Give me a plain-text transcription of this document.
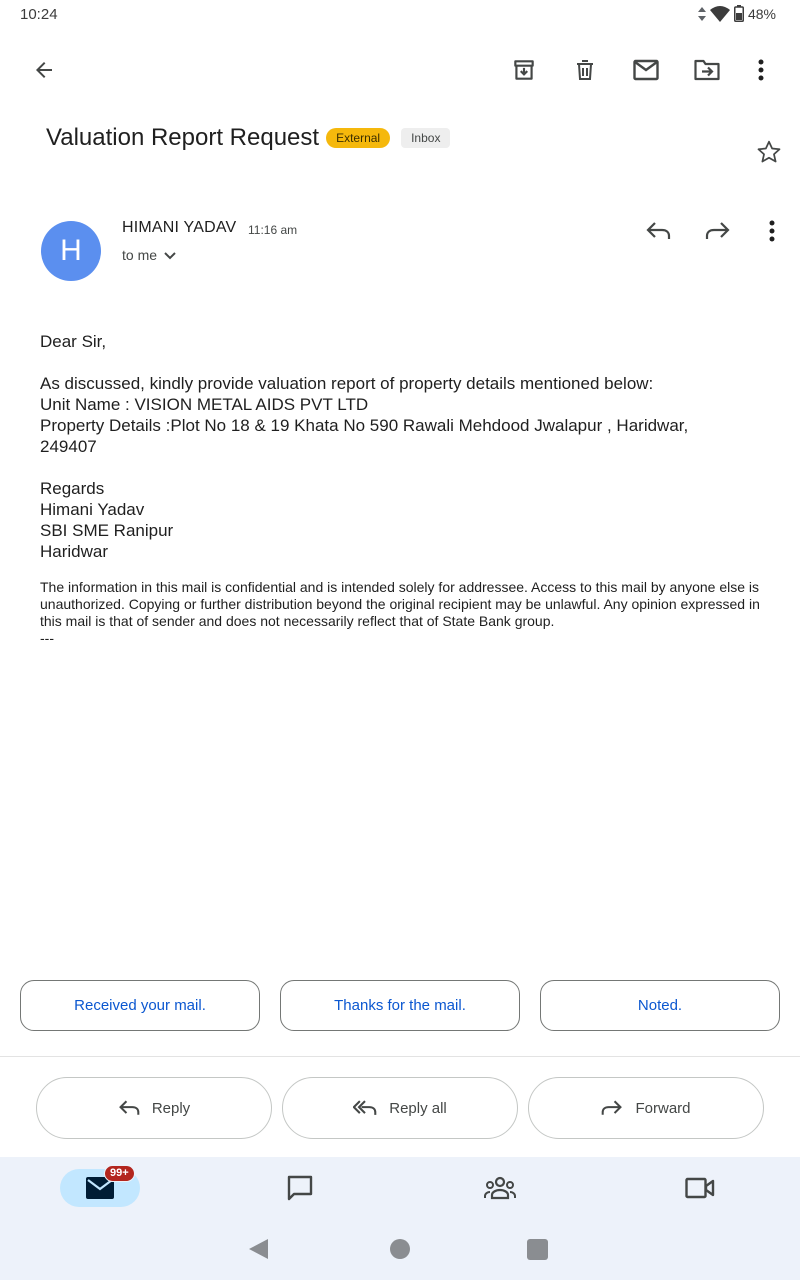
10:24	48%
Valuation Report Request	External	Inbox
H
HIMANI YADAV 11:16 am
to me

Dear Sir,

As discussed, kindly provide valuation report of property details mentioned below:

Unit Name : VISION METAL AIDS PVT LTD

Property Details :Plot No 18 & 19 Khata No 590 Rawali Mehdood Jwalapur , Haridwar, 249407

Regards

Himani Yadav

SBI SME Ranipur

Haridwar

The information in this mail is confidential and is intended solely for addressee. Access to this mail by anyone else is unauthorized. Copying or further distribution beyond the original recipient may be unlawful. Any opinion expressed in this mail is that of sender and does not necessarily reflect that of State Bank group.

---

Received your mail.	Thanks for the mail.	Noted.
Reply	Reply all	Forward
99+
